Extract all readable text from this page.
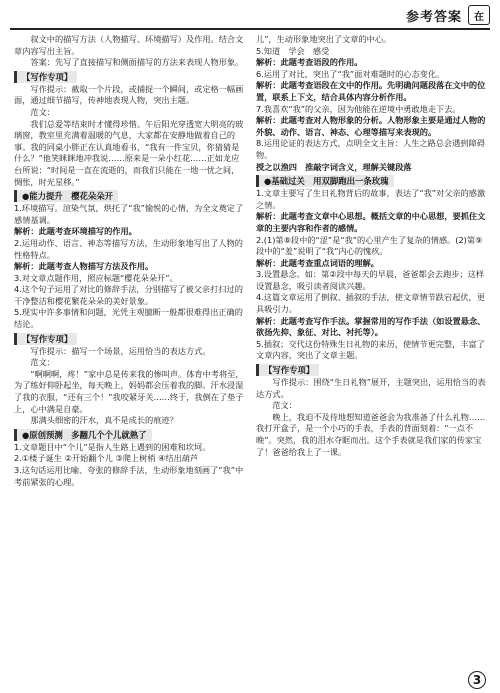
参考答案	在

叙文中的描写方法（人物描写、环境描写）及作用。结合文章内容写出主旨。

答案：先写了直接描写和侧面描写的方法来表现人物形象。

【写作专项】

写作提示：截取一个片段，或捕捉一个瞬间，或定格一幅画面，通过细节描写，传神地表现人物，突出主题。

范文：

我们总爱等结束时才懂得珍惜。午后阳光穿透宽大明亮的玻璃窗，教室里充满着温暖的气息，大家都在安静地做着自己的事。我的同桌小胖正在认真地看书，“我有一件宝贝，你猜猜是什么？”他笑眯眯地冲我说……原来是一朵小红花……正如龙应台所说：“时间是一直在流逝的，而我们只能在一地一忧之间，惆怅，时光星移。”

●能力提升　樱花朵朵开

1.环境描写。渲染气氛，烘托了“我”愉悦的心情，为全文奠定了感情基调。

解析：此题考查环境描写的作用。

2.运用动作、语言、神态等描写方法，生动形象地写出了人物的性格特点。

解析：此题考查人物描写方法及作用。

3.对文章点题作用，照应标题“樱花朵朵开”。

4.这个句子运用了对比的修辞手法，分别描写了被父亲打扫过的干净整洁和樱花繁花朵朵的美好景象。

5.现实中许多事情和问题，光凭主观臆断一般都很难得出正确的结论。

【写作专项】

写作提示：描写一个场景，运用恰当的表达方式。

范文：

“啊啊啊，疼！”家中总是传来我的惨叫声。体育中考将至，为了练好仰卧起坐，每天晚上，妈妈都会压着我的脚。汗水浸湿了我的衣服，“还有三个！”我咬紧牙关……终于，我倒在了垫子上，心中满是自豪。

那满头细密的汗水，真不是成长的痕迹？

●原创预测　多翻几个个儿就熟了

1.文章题目中“个儿”是指人生路上遇到的困难和坎坷。

2.①楼子诞生 ②开始翻个儿 ③爬上树梢 ④结出葫芦

3.这句话运用比喻、夸张的修辞手法，生动形象地刻画了“我”中考前紧张的心理。

儿”，生动形象地突出了文章的中心。

5.知道　学会　感受

解析：此题考查语段的作用。

6.运用了对比，突出了“我”面对难题时的心态变化。

解析：此题考查语段在文中的作用。先明确问题段落在文中的位置，联系上下文，结合具体内容分析作用。

7.我喜欢“我”的父亲，因为他能在逆境中勇敢地走下去。

解析：此题考查对人物形象的分析。人物形象主要是通过人物的外貌、动作、语言、神态、心理等描写来表现的。

8.运用论证的表达方式，点明全文主旨：人生之路总会遇到障碍物。

授之以渔四　推敲字词含义，理解关键段落

●基础过关　用双脚跑出一条玫瑰

1.文章主要写了生日礼物背后的故事，表达了“我”对父亲的感激之情。

解析：此题考查文章中心思想。概括文章的中心思想，要抓住文章的主要内容和作者的感情。

2.(1)第⑧段中的“涩”是“我”的心里产生了复杂的情感。(2)第⑨段中的“羞”说明了“我”内心的愧疚。

解析：此题考查重点词语的理解。

3.设置悬念。如：第②段中每天的早晨，爸爸都会去跑步；这样设置悬念，吸引读者阅读兴趣。

4.这篇文章运用了倒叙、插叙的手法，使文章情节跌宕起伏，更具吸引力。

解析：此题考查写作手法。掌握常用的写作手法（如设置悬念、欲扬先抑、象征、对比、衬托等）。

5.插叙；交代这份特殊生日礼物的来历，使情节更完整，丰富了文章内容，突出了文章主题。

【写作专项】

写作提示：围绕“生日礼物”展开，主题突出，运用恰当的表达方式。

范文：

晚上，我迫不及待地想知道爸爸会为我准备了什么礼物……我打开盒子，是一个小巧的手表，手表的背面刻着：“一点不晚”。突然，我的泪水夺眶而出。这个手表就是我们家的传家宝了！爸爸给我上了一课。

3
